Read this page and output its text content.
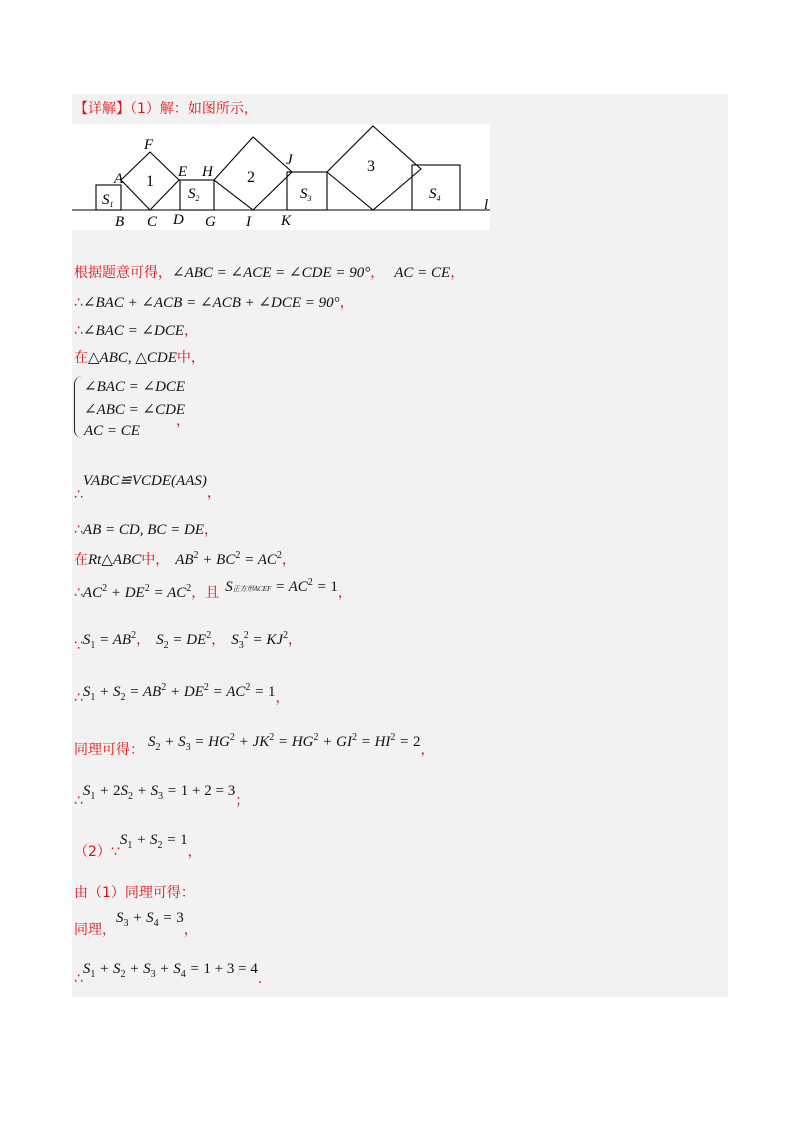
【详解】（1）解：如图所示，
A
B C D
E
F
H
G I
J
K
l
1	2
3
$S_1$
$S_2$	$S_3$	$S_4$
根据题意可得，∠ABC = ∠ACE = ∠CDE = 90°， AC = CE，
∴∠BAC + ∠ACB = ∠ACB + ∠DCE = 90°，
∴∠BAC = ∠DCE，
在△ABC, △CDE中，
∠BAC = ∠DCE
∠ABC = ∠CDE
AC = CE
，
∴VABC≌VCDE(AAS)，
∴AB = CD, BC = DE，
在Rt△ABC中， $AB^2 + BC^2 = AC^2$，
$\therefore AC^2 + DE^2 = AC^2$，且 S正方形ACEF = $AC^2 = 1$，
$\because S_1 = AB^2$， $S_2 = DE^2$， $S_3^2 = KJ^2$，
$\therefore S_1 + S_2 = AB^2 + DE^2 = AC^2 = 1$，
同理可得： $S_2 + S_3 = HG^2 + JK^2 = HG^2 + GI^2 = HI^2 = 2$，
$\therefore S_1 + 2S_2 + S_3 = 1 + 2 = 3$；
$(2)\because S_1 + S_2 = 1$，
由（1）同理可得：
同理，$S_3 + S_4 = 3$，
$\therefore S_1 + S_2 + S_3 + S_4 = 1 + 3 = 4$.
